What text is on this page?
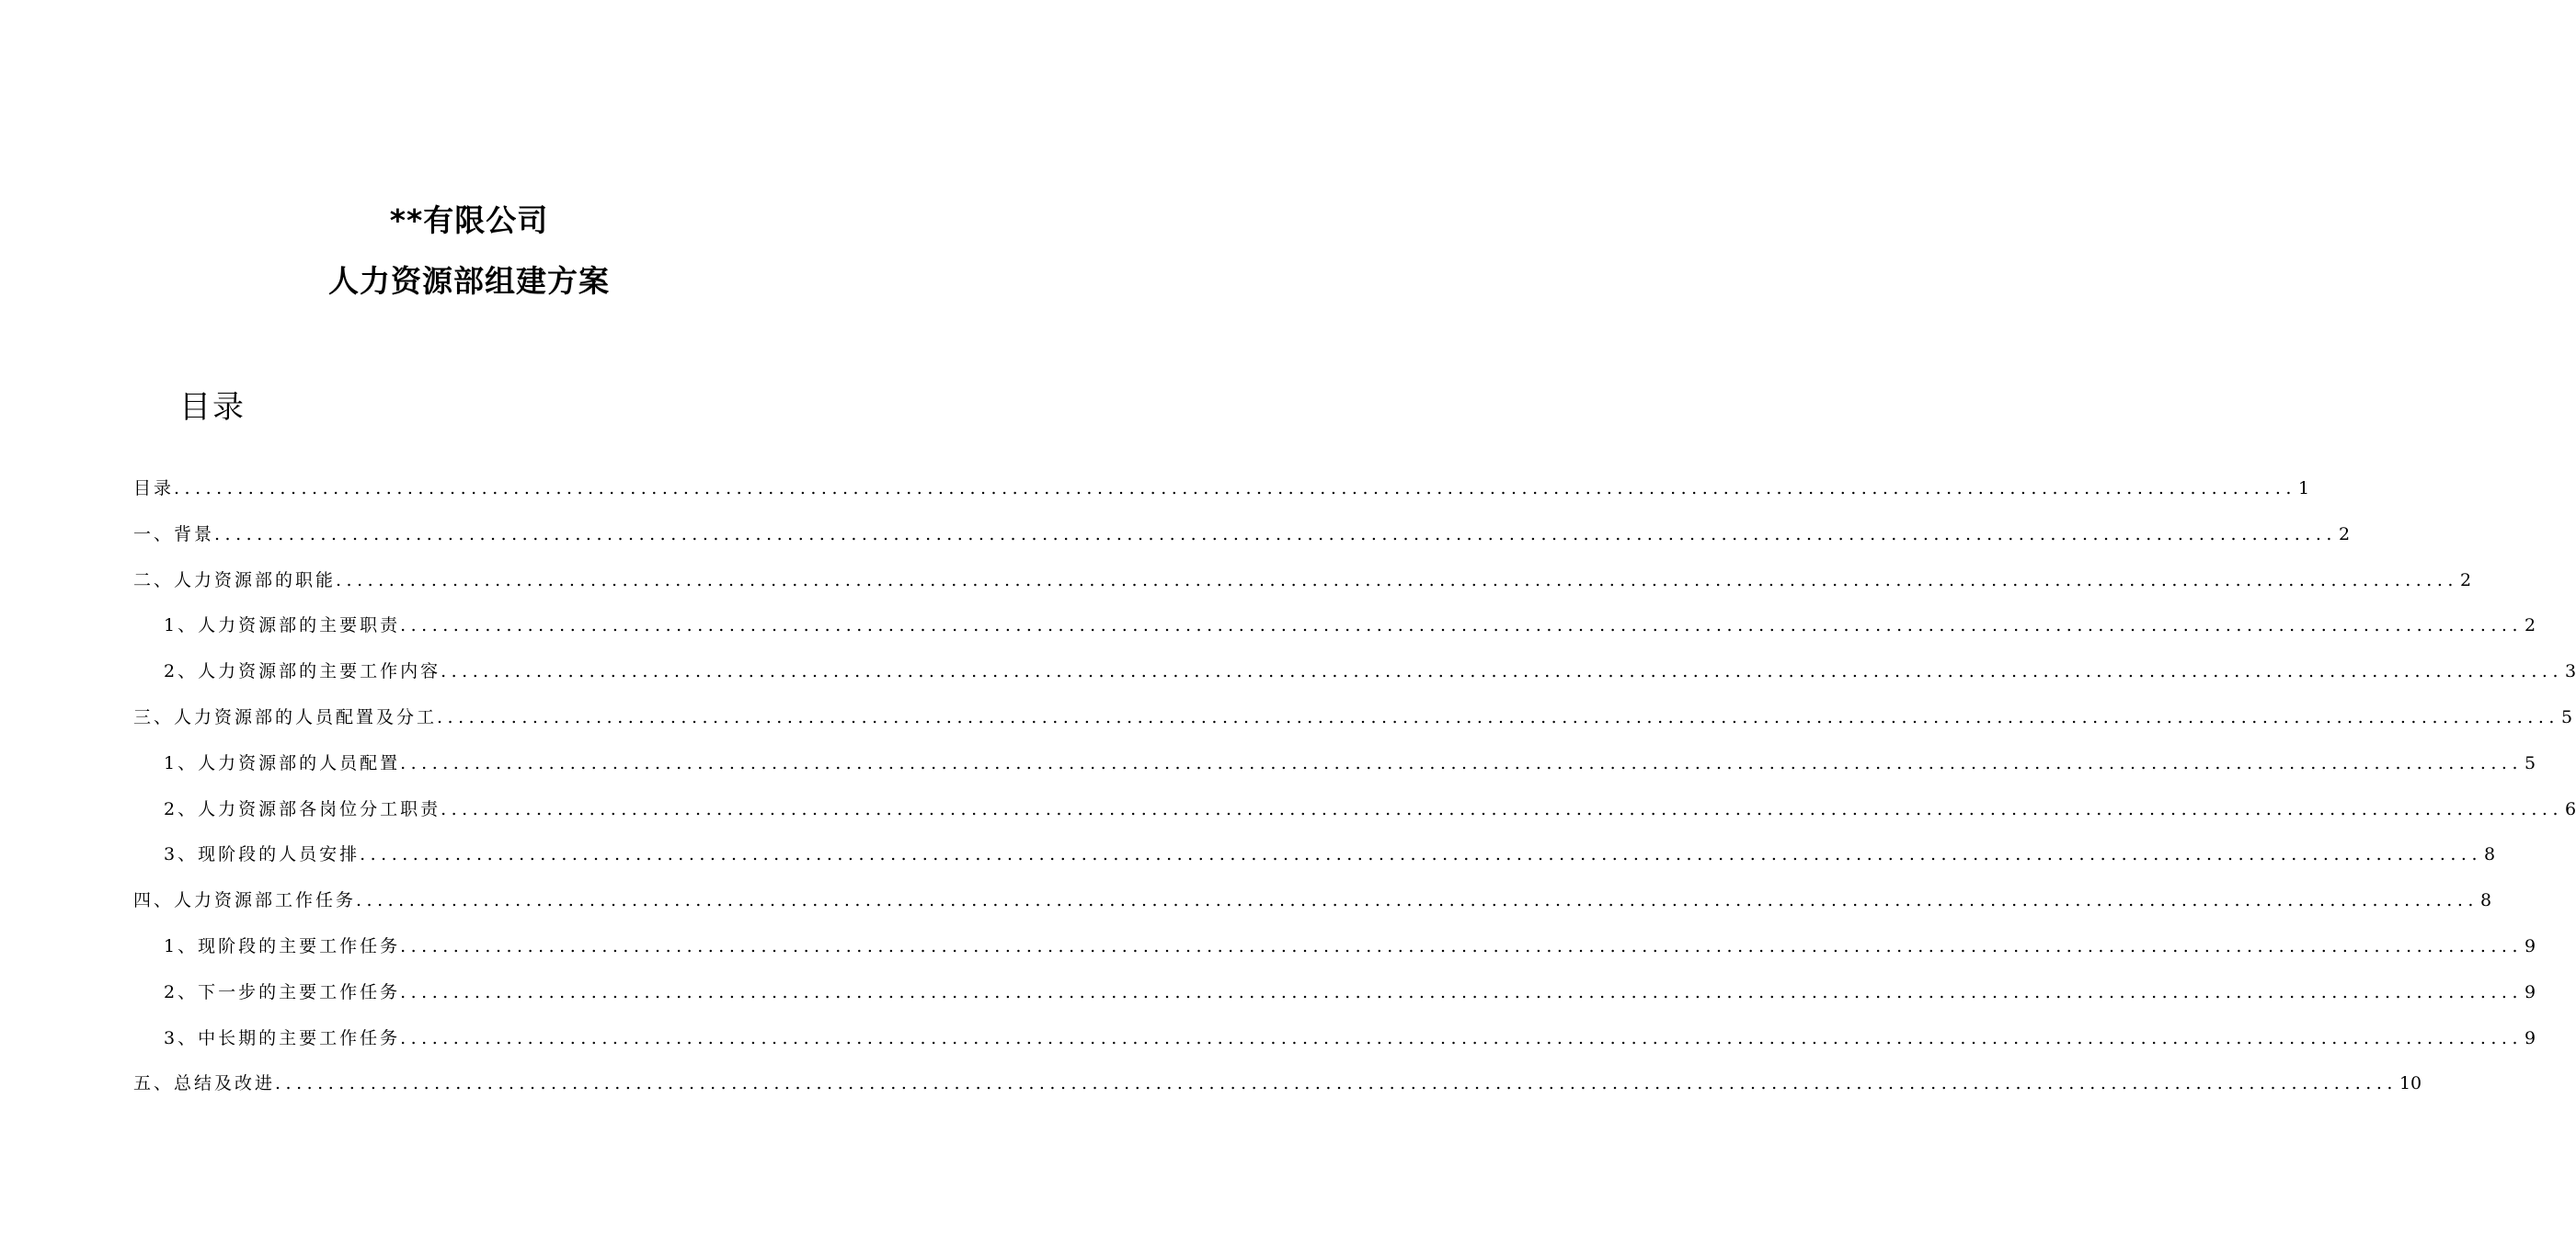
**有限公司
人力资源部组建方案
目录
目录 ........................................................................................................................................................................................................ 1
一、背景 ........................................................................................................................................................................................................ 2
二、人力资源部的职能 ........................................................................................................................................................................................................ 2
1、人力资源部的主要职责 ........................................................................................................................................................................................................ 2
2、人力资源部的主要工作内容 ........................................................................................................................................................................................................ 3
三、人力资源部的人员配置及分工 ........................................................................................................................................................................................................ 5
1、人力资源部的人员配置 ........................................................................................................................................................................................................ 5
2、人力资源部各岗位分工职责 ........................................................................................................................................................................................................ 6
3、现阶段的人员安排 ........................................................................................................................................................................................................ 8
四、人力资源部工作任务 ........................................................................................................................................................................................................ 8
1、现阶段的主要工作任务 ........................................................................................................................................................................................................ 9
2、下一步的主要工作任务 ........................................................................................................................................................................................................ 9
3、中长期的主要工作任务 ........................................................................................................................................................................................................ 9
五、总结及改进 ........................................................................................................................................................................................................ 10
